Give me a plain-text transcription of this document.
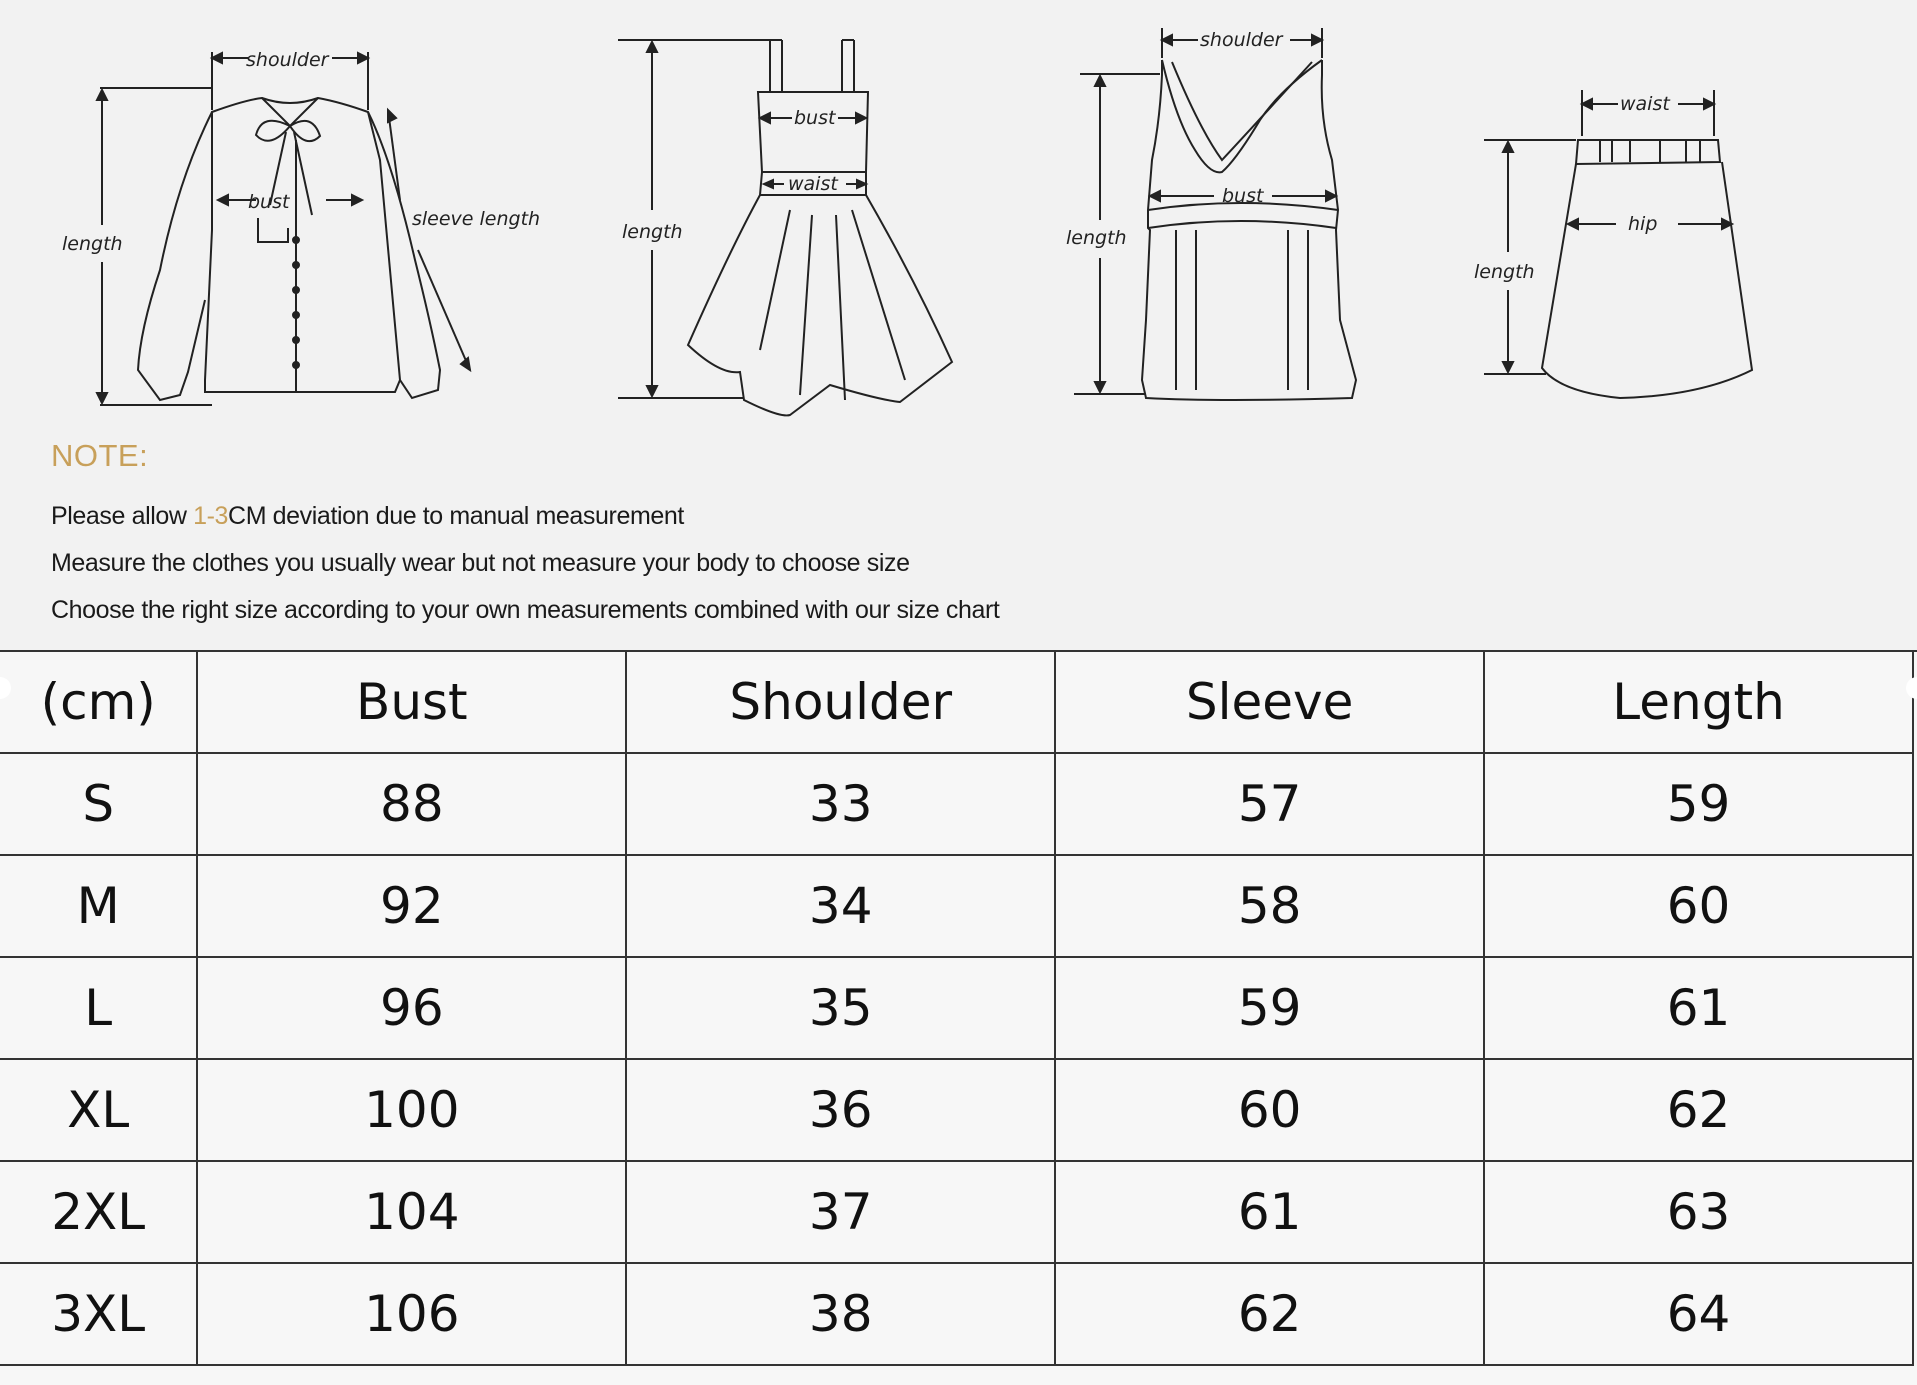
shoulder
bust
sleeve length
length
bust
waist
length
shoulder
bust
length
waist
hip
length
NOTE:
Please allow 1-3CM deviation due to manual measurement
Measure the clothes you usually wear but not measure your body to choose size
Choose the right size according to your own measurements combined with our size chart
(cm)	Bust	Shoulder	Sleeve	Length
S	88	33	57	59
M	92	34	58	60
L	96	35	59	61
XL	100	36	60	62
2XL	104	37	61	63
3XL	106	38	62	64
